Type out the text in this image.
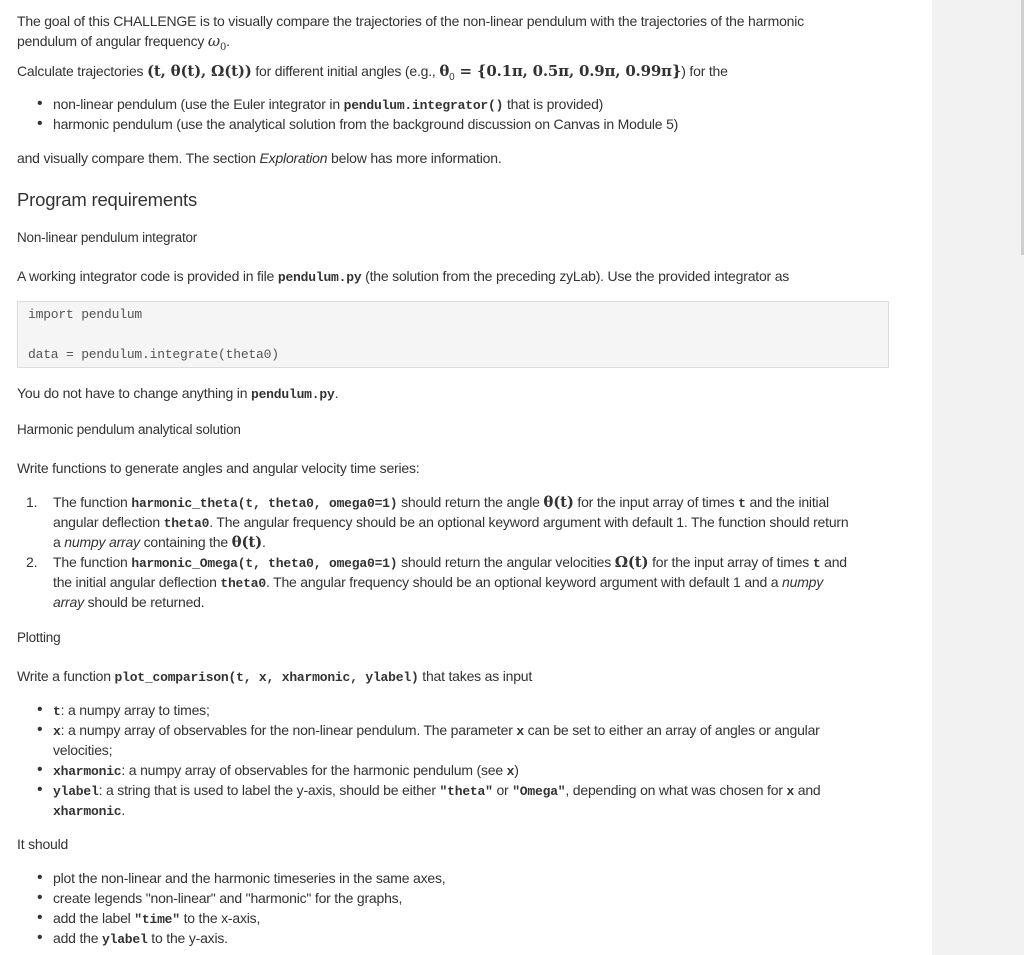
The goal of this CHALLENGE is to visually compare the trajectories of the non-linear pendulum with the trajectories of the harmonic

pendulum of angular frequency $\omega_0$.

Calculate trajectories (t, θ(t), Ω(t)) for different initial angles (e.g., $\theta_0 = \{0.1\pi$, 0.5π, 0.9π, 0.99π}) for the

• non-linear pendulum (use the Euler integrator in pendulum.integrator() that is provided)
• harmonic pendulum (use the analytical solution from the background discussion on Canvas in Module 5)

and visually compare them. The section Exploration below has more information.

Program requirements

Non-linear pendulum integrator

A working integrator code is provided in file pendulum.py (the solution from the preceding zyLab). Use the provided integrator as

import pendulum
data = pendulum.integrate(theta0)

You do not have to change anything in pendulum.py.

Harmonic pendulum analytical solution

Write functions to generate angles and angular velocity time series:

1. The function harmonic_theta(t, theta0, omega0=1) should return the angle θ(t) for the input array of times t and the initial
angular deflection theta0. The angular frequency should be an optional keyword argument with default 1. The function should return
a numpy array containing the θ(t).
2. The function harmonic_Omega(t, theta0, omega0=1) should return the angular velocities Ω(t) for the input array of times t and
the initial angular deflection theta0. The angular frequency should be an optional keyword argument with default 1 and a numpy
array should be returned.

Plotting

Write a function plot_comparison(t, x, xharmonic, ylabel) that takes as input

• t: a numpy array to times;
• x: a numpy array of observables for the non-linear pendulum. The parameter x can be set to either an array of angles or angular
velocities;
• xharmonic: a numpy array of observables for the harmonic pendulum (see x)
• ylabel: a string that is used to label the y-axis, should be either "theta" or "Omega", depending on what was chosen for x and
xharmonic.

It should

• plot the non-linear and the harmonic timeseries in the same axes,
• create legends "non-linear" and "harmonic" for the graphs,
• add the label "time" to the x-axis,
• add the ylabel to the y-axis.
